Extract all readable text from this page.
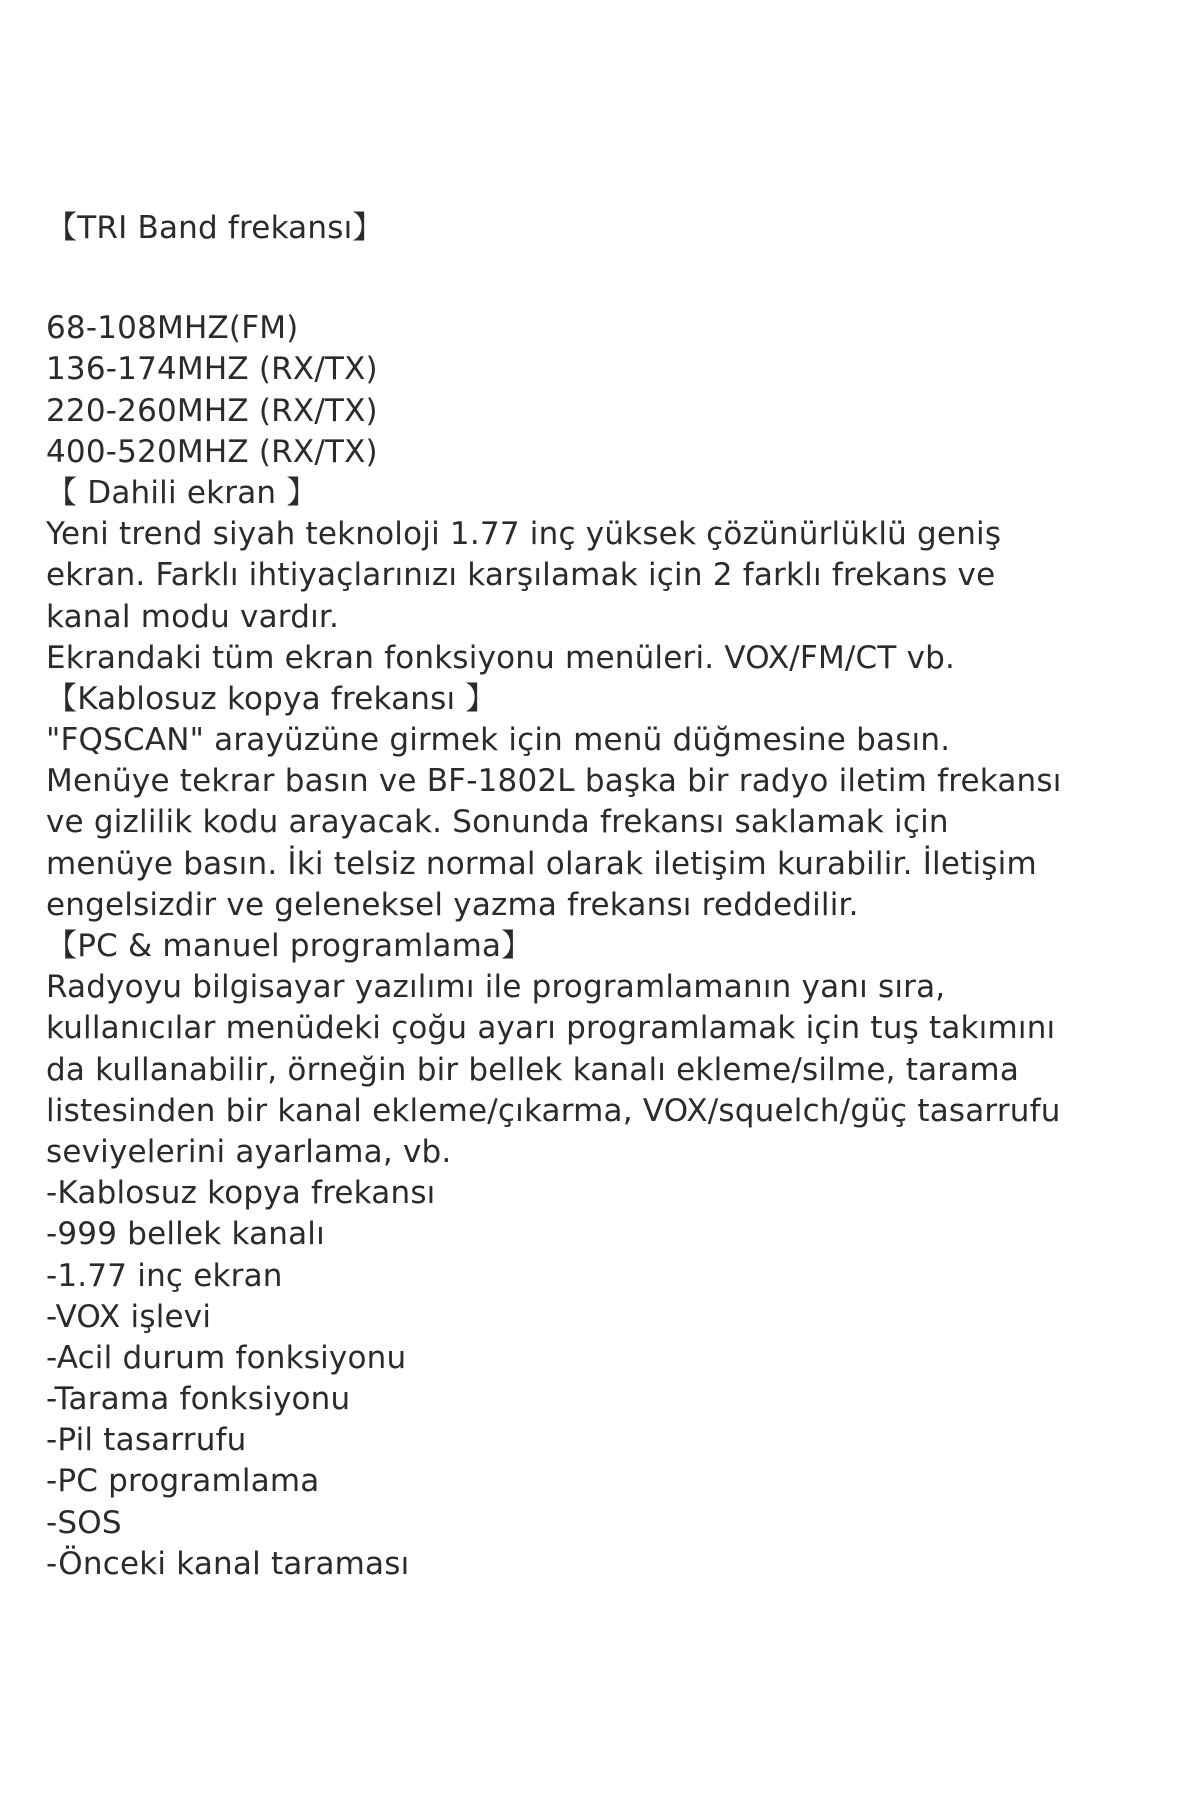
【TRI Band frekansı】
68-108MHZ(FM)
136-174MHZ (RX/TX)
220-260MHZ (RX/TX)
400-520MHZ (RX/TX)
【 Dahili ekran 】
Yeni trend siyah teknoloji 1.77 inç yüksek çözünürlüklü geniş
ekran. Farklı ihtiyaçlarınızı karşılamak için 2 farklı frekans ve
kanal modu vardır.
Ekrandaki tüm ekran fonksiyonu menüleri. VOX/FM/CT vb.
【Kablosuz kopya frekansı 】
"FQSCAN" arayüzüne girmek için menü düğmesine basın.
Menüye tekrar basın ve BF-1802L başka bir radyo iletim frekansı
ve gizlilik kodu arayacak. Sonunda frekansı saklamak için
menüye basın. İki telsiz normal olarak iletişim kurabilir. İletişim
engelsizdir ve geleneksel yazma frekansı reddedilir.
【PC & manuel programlama】
Radyoyu bilgisayar yazılımı ile programlamanın yanı sıra,
kullanıcılar menüdeki çoğu ayarı programlamak için tuş takımını
da kullanabilir, örneğin bir bellek kanalı ekleme/silme, tarama
listesinden bir kanal ekleme/çıkarma, VOX/squelch/güç tasarrufu
seviyelerini ayarlama, vb.
-Kablosuz kopya frekansı
-999 bellek kanalı
-1.77 inç ekran
-VOX işlevi
-Acil durum fonksiyonu
-Tarama fonksiyonu
-Pil tasarrufu
-PC programlama
-SOS
-Önceki kanal taraması
